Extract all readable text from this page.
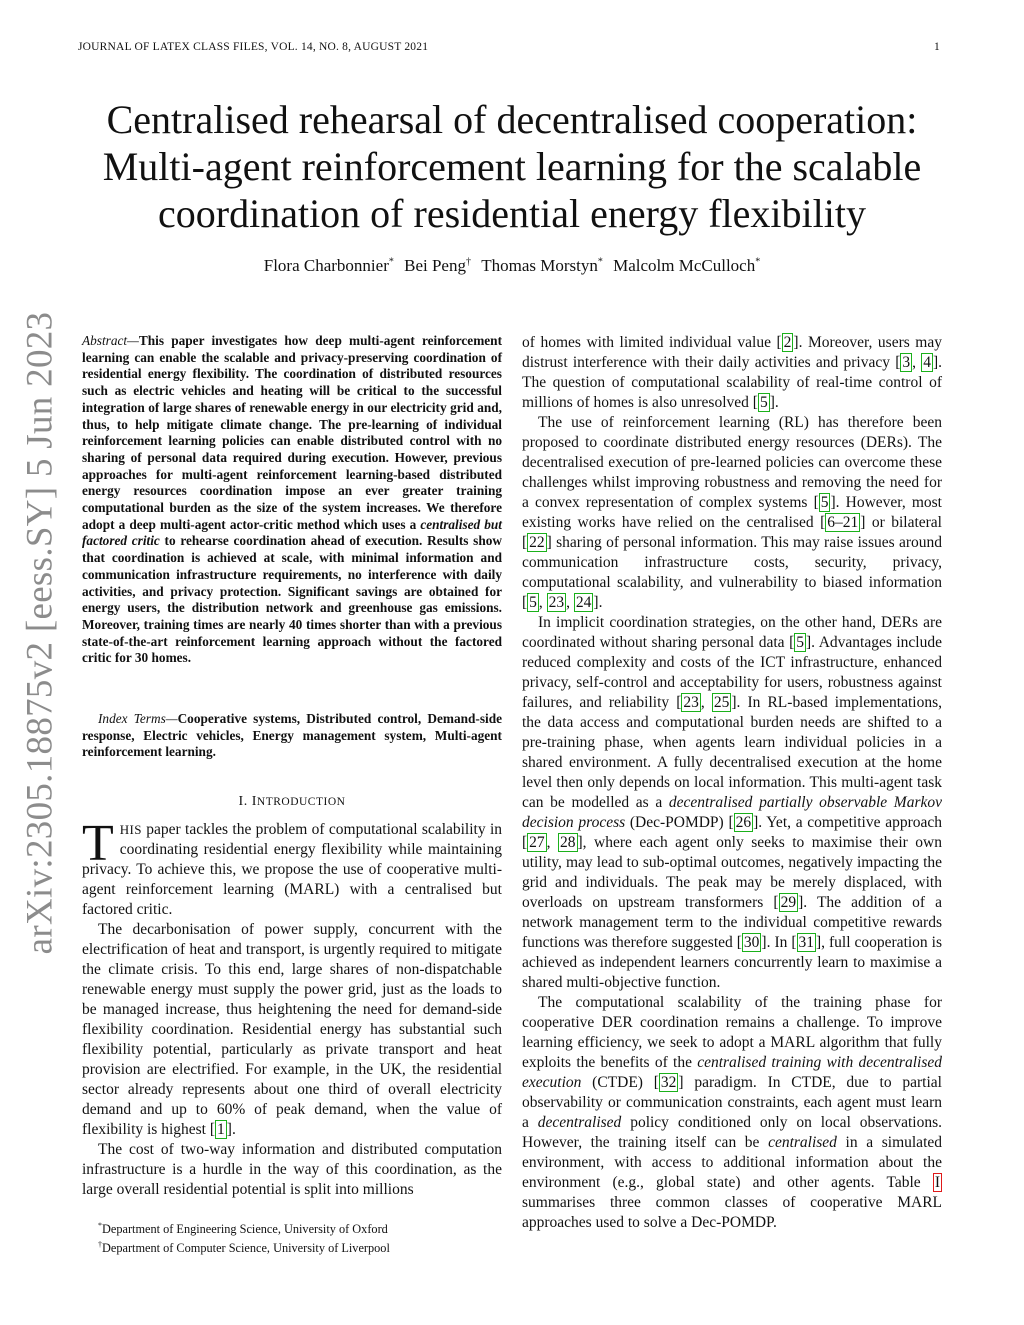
JOURNAL OF LATEX CLASS FILES, VOL. 14, NO. 8, AUGUST 2021	1
Centralised rehearsal of decentralised cooperation:
Multi-agent reinforcement learning for the scalable
coordination of residential energy flexibility
Flora Charbonnier* Bei Peng† Thomas Morstyn* Malcolm McCulloch*
arXiv:2305.18875v2 [eess.SY] 5 Jun 2023 Abstract—This paper investigates how deep multi-agent reinforcement learning can enable the scalable and privacy-preserving coordination of residential energy flexibility. The coordination of distributed resources such as electric vehicles and heating will be critical to the successful integration of large shares of renewable energy in our electricity grid and, thus, to help mitigate climate change. The pre-learning of individual reinforcement learning policies can enable distributed control with no sharing of personal data required during execution. However, previous approaches for multi-agent reinforcement learning-based distributed energy resources coordination impose an ever greater training computational burden as the size of the system increases. We therefore adopt a deep multi-agent actor-critic method which uses a centralised but factored critic to rehearse coordination ahead of execution. Results show that coordination is achieved at scale, with minimal information and communication infrastructure requirements, no interference with daily activities, and privacy protection. Significant savings are obtained for energy users, the distribution network and greenhouse gas emissions. Moreover, training times are nearly 40 times shorter than with a previous state-of-the-art reinforcement learning approach without the factored critic for 30 homes.
Index Terms—Cooperative systems, Distributed control, Demand-side response, Electric vehicles, Energy management system, Multi-agent reinforcement learning.
I. INTRODUCTION

THIS paper tackles the problem of computational scalability in coordinating residential energy flexibility while maintaining privacy. To achieve this, we propose the use of cooperative multi-agent reinforcement learning (MARL) with a centralised but factored critic.

The decarbonisation of power supply, concurrent with the electrification of heat and transport, is urgently required to mitigate the climate crisis. To this end, large shares of non-dispatchable renewable energy must supply the power grid, just as the loads to be managed increase, thus heightening the need for demand-side flexibility coordination. Residential energy has substantial such flexibility potential, particularly as private transport and heat provision are electrified. For example, in the UK, the residential sector already represents about one third of overall electricity demand and up to 60% of peak demand, when the value of flexibility is highest [ 1 ].

The cost of two-way information and distributed computation infrastructure is a hurdle in the way of this coordination, as the large overall residential potential is split into millions

*Department of Engineering Science, University of Oxford
†Department of Computer Science, University of Liverpool

of homes with limited individual value [ 2 ]. Moreover, users may distrust interference with their daily activities and privacy [ 3 , 4 ]. The question of computational scalability of real-time control of millions of homes is also unresolved [ 5 ].

The use of reinforcement learning (RL) has therefore been proposed to coordinate distributed energy resources (DERs). The decentralised execution of pre-learned policies can overcome these challenges whilst improving robustness and removing the need for a convex representation of complex systems [ 5 ]. However, most existing works have relied on the centralised [ 6–21 ] or bilateral [ 22 ] sharing of personal information. This may raise issues around communication infrastructure costs, security, privacy, computational scalability, and vulnerability to biased information [ 5 , 23 , 24 ].

In implicit coordination strategies, on the other hand, DERs are coordinated without sharing personal data [ 5 ]. Advantages include reduced complexity and costs of the ICT infrastructure, enhanced privacy, self-control and acceptability for users, robustness against failures, and reliability [ 23 , 25 ]. In RL-based implementations, the data access and computational burden needs are shifted to a pre-training phase, when agents learn individual policies in a shared environment. A fully decentralised execution at the home level then only depends on local information. This multi-agent task can be modelled as a decentralised partially observable Markov decision process (Dec-POMDP) [ 26 ]. Yet, a competitive approach [ 27 , 28 ], where each agent only seeks to maximise their own utility, may lead to sub-optimal outcomes, negatively impacting the grid and individuals. The peak may be merely displaced, with overloads on upstream transformers [ 29 ]. The addition of a network management term to the individual competitive rewards functions was therefore suggested [ 30 ]. In [ 31 ], full cooperation is achieved as independent learners concurrently learn to maximise a shared multi-objective function.

The computational scalability of the training phase for cooperative DER coordination remains a challenge. To improve learning efficiency, we seek to adopt a MARL algorithm that fully exploits the benefits of the centralised training with decentralised execution (CTDE) [ 32 ] paradigm. In CTDE, due to partial observability or communication constraints, each agent must learn a decentralised policy conditioned only on local observations. However, the training itself can be centralised in a simulated environment, with access to additional information about the environment (e.g., global state) and other agents. Table I summarises three common classes of cooperative MARL approaches used to solve a Dec-POMDP.
